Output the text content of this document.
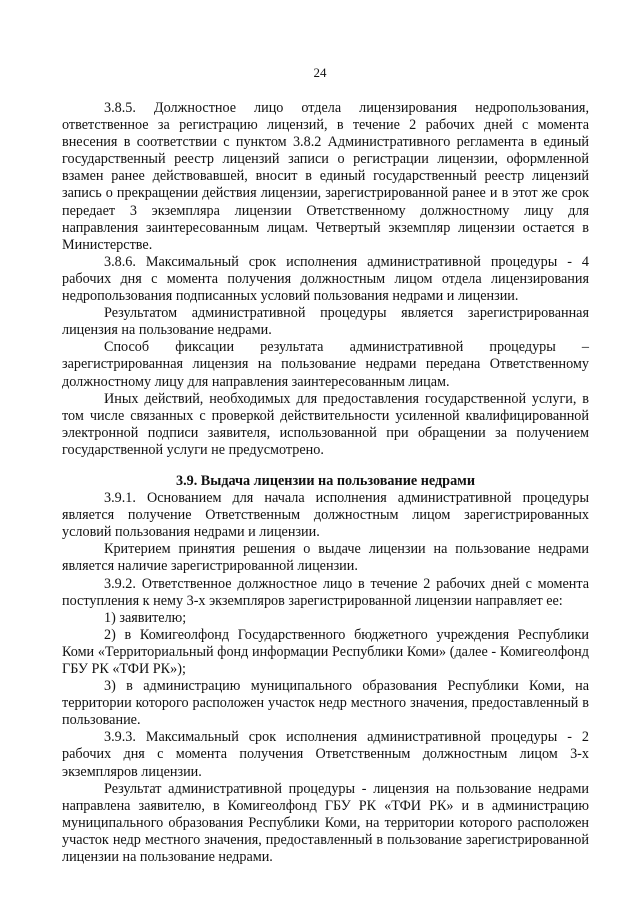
24

3.8.5. Должностное лицо отдела лицензирования недропользования, ответственное за регистрацию лицензий, в течение 2 рабочих дней с момента внесения в соответствии с пунктом 3.8.2 Административного регламента в единый государственный реестр лицензий записи о регистрации лицензии, оформленной взамен ранее действовавшей, вносит в единый государственный реестр лицензий запись о прекращении действия лицензии, зарегистрированной ранее и в этот же срок передает 3 экземпляра лицензии Ответственному должностному лицу для направления заинтересованным лицам. Четвертый экземпляр лицензии остается в Министерстве.

3.8.6. Максимальный срок исполнения административной процедуры - 4 рабочих дня с момента получения должностным лицом отдела лицензирования недропользования подписанных условий пользования недрами и лицензии.

Результатом административной процедуры является зарегистрированная лицензия на пользование недрами.

Способ фиксации результата административной процедуры – зарегистрированная лицензия на пользование недрами передана Ответственному должностному лицу для направления заинтересованным лицам.

Иных действий, необходимых для предоставления государственной услуги, в том числе связанных с проверкой действительности усиленной квалифицированной электронной подписи заявителя, использованной при обращении за получением государственной услуги не предусмотрено.

3.9. Выдача лицензии на пользование недрами

3.9.1. Основанием для начала исполнения административной процедуры является получение Ответственным должностным лицом зарегистрированных условий пользования недрами и лицензии.

Критерием принятия решения о выдаче лицензии на пользование недрами является наличие зарегистрированной лицензии.

3.9.2. Ответственное должностное лицо в течение 2 рабочих дней с момента поступления к нему 3-х экземпляров зарегистрированной лицензии направляет ее:

1) заявителю;

2) в Комигеолфонд Государственного бюджетного учреждения Республики Коми «Территориальный фонд информации Республики Коми» (далее - Комигеолфонд ГБУ РК «ТФИ РК»);

3) в администрацию муниципального образования Республики Коми, на территории которого расположен участок недр местного значения, предоставленный в пользование.

3.9.3. Максимальный срок исполнения административной процедуры - 2 рабочих дня с момента получения Ответственным должностным лицом 3-х экземпляров лицензии.

Результат административной процедуры - лицензия на пользование недрами направлена заявителю, в Комигеолфонд ГБУ РК «ТФИ РК» и в администрацию муниципального образования Республики Коми, на территории которого расположен участок недр местного значения, предоставленный в пользование зарегистрированной лицензии на пользование недрами.
